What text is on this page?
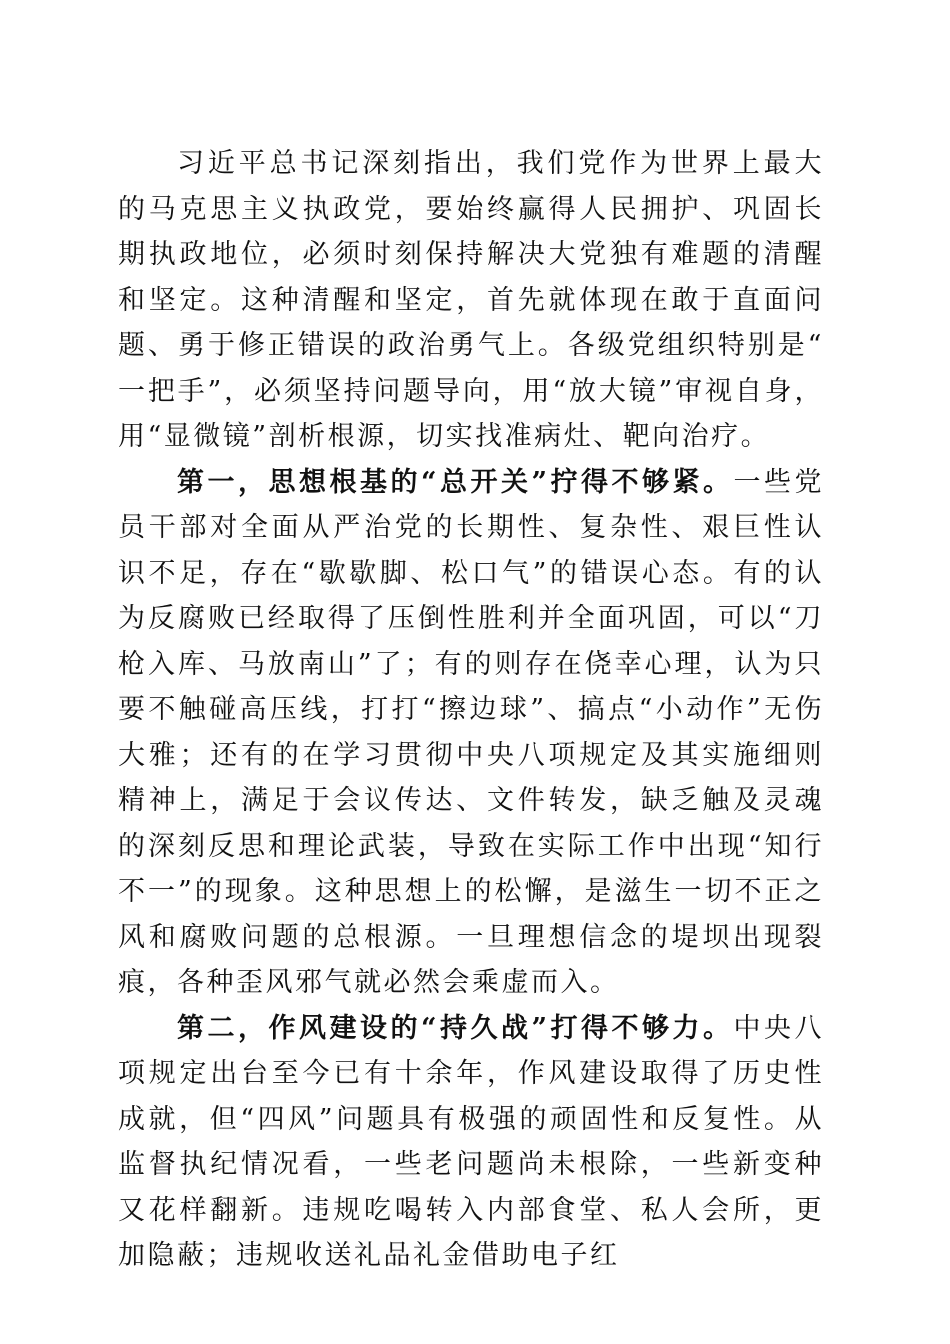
习近平总书记深刻指出，我们党作为世界上最大的马克思主义执政党，要始终赢得人民拥护、巩固长期执政地位，必须时刻保持解决大党独有难题的清醒和坚定。这种清醒和坚定，首先就体现在敢于直面问题、勇于修正错误的政治勇气上。各级党组织特别是“一把手”，必须坚持问题导向，用“放大镜”审视自身，用“显微镜”剖析根源，切实找准病灶、靶向治疗。

第一，思想根基的“总开关”拧得不够紧。一些党员干部对全面从严治党的长期性、复杂性、艰巨性认识不足，存在“歇歇脚、松口气”的错误心态。有的认为反腐败已经取得了压倒性胜利并全面巩固，可以“刀枪入库、马放南山”了；有的则存在侥幸心理，认为只要不触碰高压线，打打“擦边球”、搞点“小动作”无伤大雅；还有的在学习贯彻中央八项规定及其实施细则精神上，满足于会议传达、文件转发，缺乏触及灵魂的深刻反思和理论武装，导致在实际工作中出现“知行不一”的现象。这种思想上的松懈，是滋生一切不正之风和腐败问题的总根源。一旦理想信念的堤坝出现裂痕，各种歪风邪气就必然会乘虚而入。

第二，作风建设的“持久战”打得不够力。中央八项规定出台至今已有十余年，作风建设取得了历史性成就，但“四风”问题具有极强的顽固性和反复性。从监督执纪情况看，一些老问题尚未根除，一些新变种又花样翻新。违规吃喝转入内部食堂、私人会所，更加隐蔽；违规收送礼品礼金借助电子红
